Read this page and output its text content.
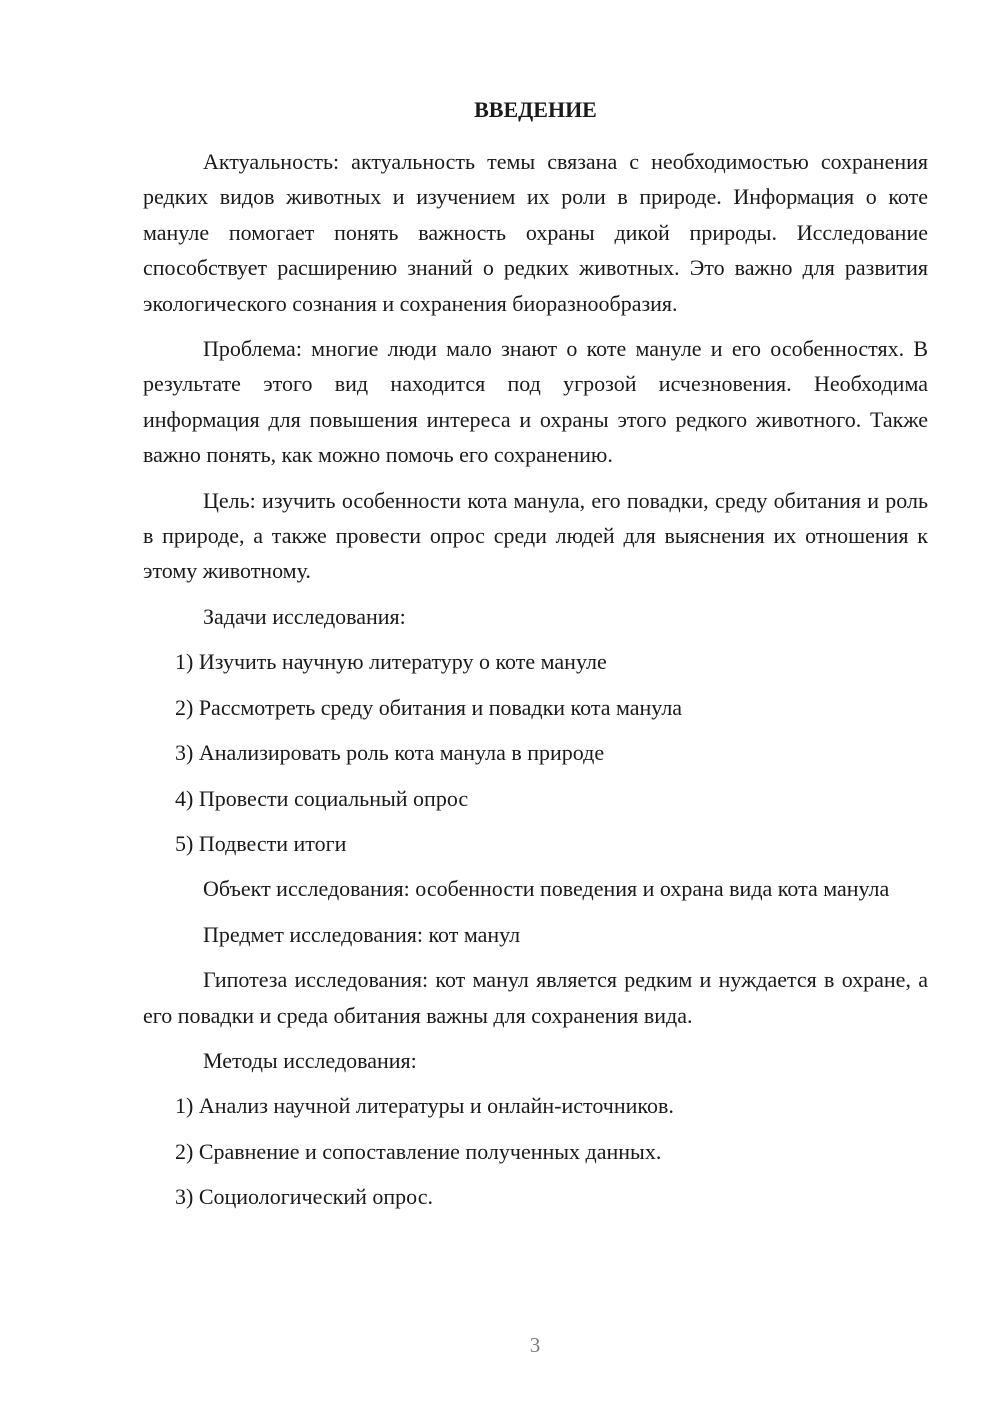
ВВЕДЕНИЕ

Актуальность: актуальность темы связана с необходимостью сохранения редких видов животных и изучением их роли в природе. Информация о коте мануле помогает понять важность охраны дикой природы. Исследование способствует расширению знаний о редких животных. Это важно для развития экологического сознания и сохранения биоразнообразия.

Проблема: многие люди мало знают о коте мануле и его особенностях. В результате этого вид находится под угрозой исчезновения. Необходима информация для повышения интереса и охраны этого редкого животного. Также важно понять, как можно помочь его сохранению.

Цель: изучить особенности кота манула, его повадки, среду обитания и роль в природе, а также провести опрос среди людей для выяснения их отношения к этому животному.

Задачи исследования:

1) Изучить научную литературу о коте мануле
2) Рассмотреть среду обитания и повадки кота манула
3) Анализировать роль кота манула в природе
4) Провести социальный опрос
5) Подвести итоги

Объект исследования: особенности поведения и охрана вида кота манула

Предмет исследования: кот манул

Гипотеза исследования: кот манул является редким и нуждается в охране, а его повадки и среда обитания важны для сохранения вида.

Методы исследования:

1) Анализ научной литературы и онлайн-источников.
2) Сравнение и сопоставление полученных данных.
3) Социологический опрос.
3
